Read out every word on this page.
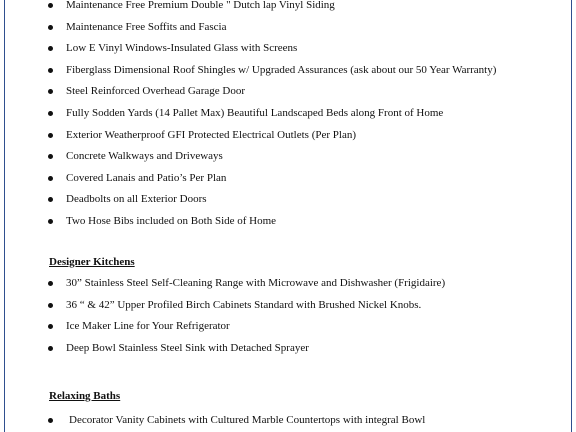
Maintenance Free Premium Double " Dutch lap Vinyl Siding
Maintenance Free Soffits and Fascia
Low E Vinyl Windows-Insulated Glass with Screens
Fiberglass Dimensional Roof Shingles w/ Upgraded Assurances (ask about our 50 Year Warranty)
Steel Reinforced Overhead Garage Door
Fully Sodden Yards (14 Pallet Max) Beautiful Landscaped Beds along Front of Home
Exterior Weatherproof GFI Protected Electrical Outlets (Per Plan)
Concrete Walkways and Driveways
Covered Lanais and Patio’s Per Plan
Deadbolts on all Exterior Doors
Two Hose Bibs included on Both Side of Home
Designer Kitchens
30” Stainless Steel Self-Cleaning Range with Microwave and Dishwasher (Frigidaire)
36 “ & 42” Upper Profiled Birch Cabinets Standard with Brushed Nickel Knobs.
Ice Maker Line for Your Refrigerator
Deep Bowl Stainless Steel Sink with Detached Sprayer
Relaxing Baths
Decorator Vanity Cabinets with Cultured Marble Countertops with integral Bowl
